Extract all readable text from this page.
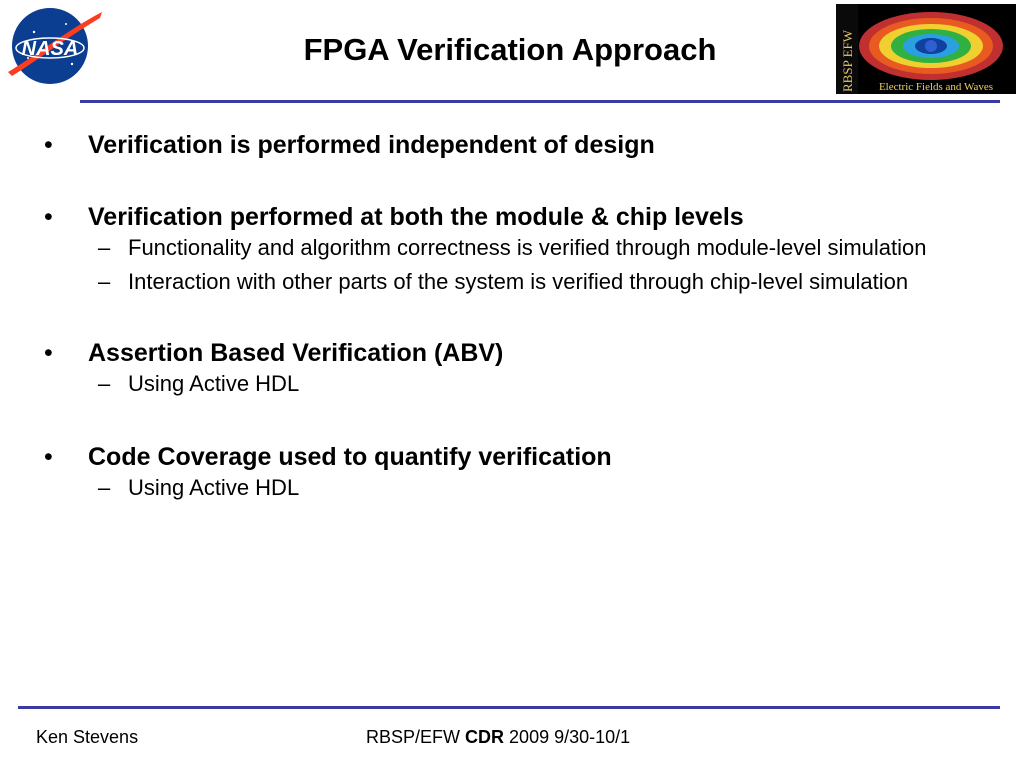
NASA	FPGA Verification Approach	RBSP EFW Electric Fields and Waves
•	Verification is performed independent of design
•	Verification performed at both the module & chip levels
– Functionality and algorithm correctness is verified through module-level simulation
– Interaction with other parts of the system is verified through chip-level simulation
•	Assertion Based Verification (ABV)
– Using Active HDL
•	Code Coverage used to quantify verification
– Using Active HDL
Ken Stevens	RBSP/EFW CDR 2009 9/30-10/1
